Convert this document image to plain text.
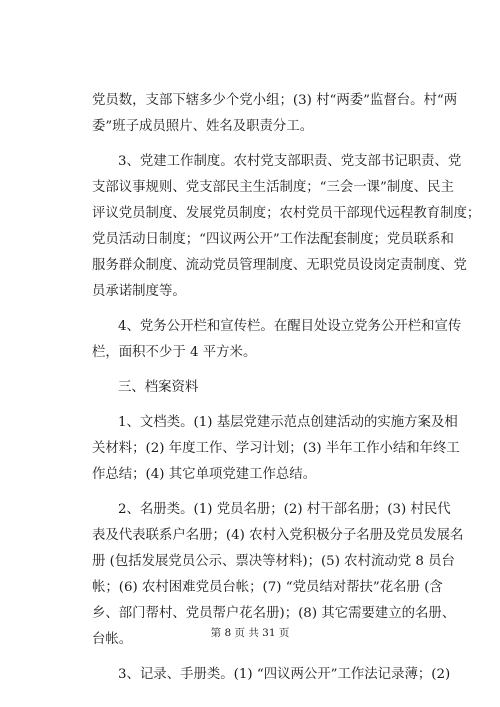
党员数，支部下辖多少个党小组；(3) 村“两委”监督台。村“两
委”班子成员照片、姓名及职责分工。
3、党建工作制度。农村党支部职责、党支部书记职责、党
支部议事规则、党支部民主生活制度；“三会一课”制度、民主
评议党员制度、发展党员制度；农村党员干部现代远程教育制度；
党员活动日制度；“四议两公开”工作法配套制度；党员联系和
服务群众制度、流动党员管理制度、无职党员设岗定责制度、党
员承诺制度等。
4、党务公开栏和宣传栏。在醒目处设立党务公开栏和宣传
栏，面积不少于 4 平方米。
三、档案资料
1、文档类。(1) 基层党建示范点创建活动的实施方案及相
关材料；(2) 年度工作、学习计划；(3) 半年工作小结和年终工
作总结；(4) 其它单项党建工作总结。
2、名册类。(1) 党员名册；(2) 村干部名册；(3) 村民代
表及代表联系户名册；(4) 农村入党积极分子名册及党员发展名
册 (包括发展党员公示、票决等材料)；(5) 农村流动党 8 员台
帐；(6) 农村困难党员台帐；(7) “党员结对帮扶”花名册 (含
乡、部门帮村、党员帮户花名册)；(8) 其它需要建立的名册、
台帐。
3、记录、手册类。(1) “四议两公开”工作法记录薄；(2)
第 8 页 共 31 页
